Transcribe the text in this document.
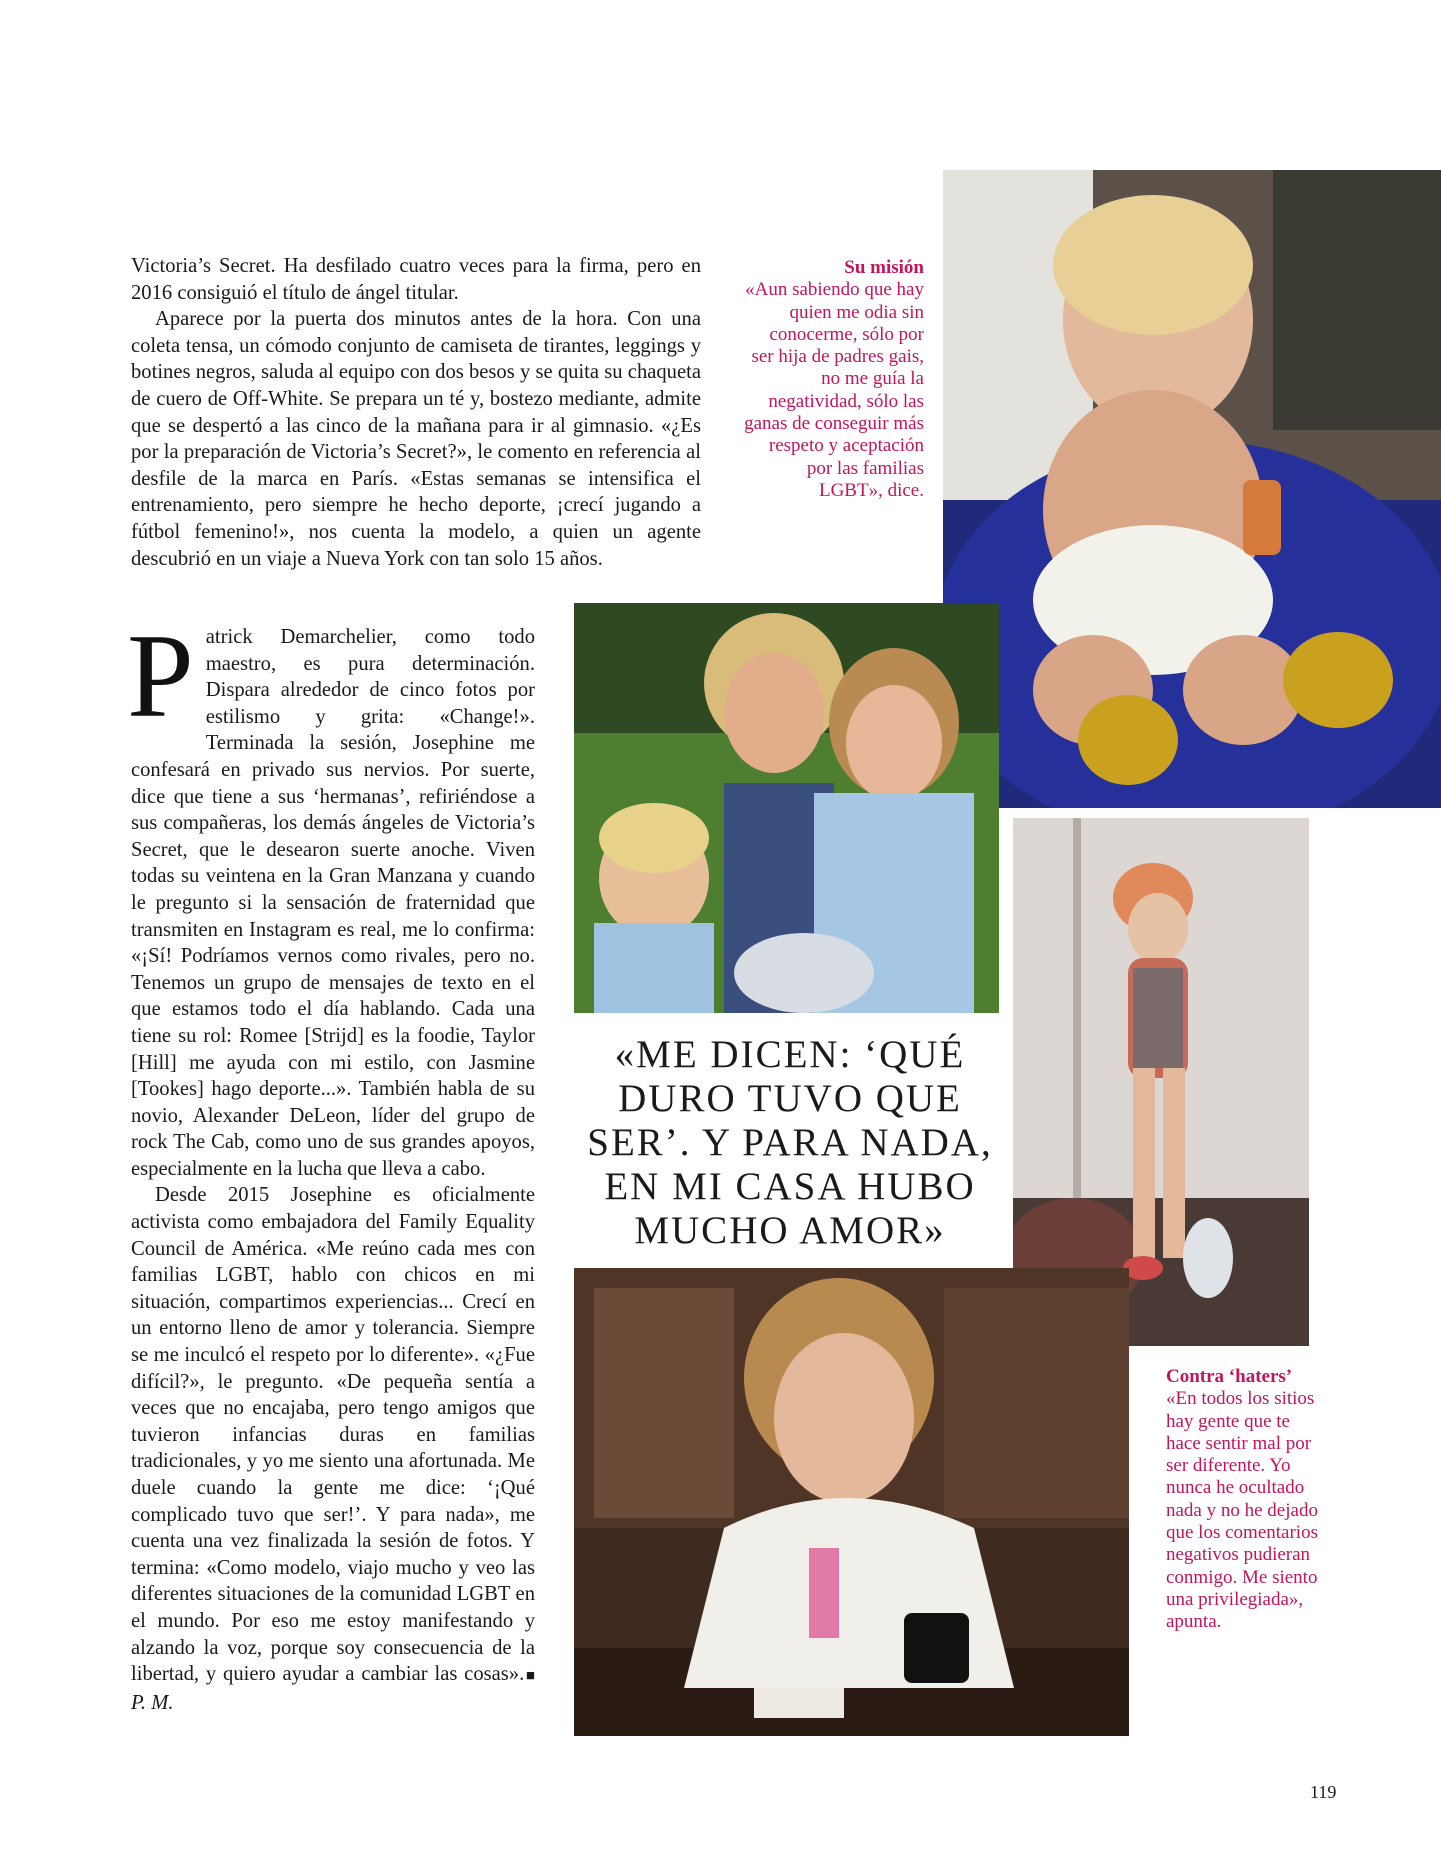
Victoria’s Secret. Ha desfilado cuatro veces para la firma, pero en 2016 consiguió el título de ángel titular.

Aparece por la puerta dos minutos antes de la hora. Con una coleta tensa, un cómodo conjunto de camiseta de tirantes, leggings y botines negros, saluda al equipo con dos besos y se quita su chaqueta de cuero de Off-White. Se prepara un té y, bostezo mediante, admite que se despertó a las cinco de la mañana para ir al gimnasio. «¿Es por la preparación de Victoria’s Secret?», le comento en referencia al desfile de la marca en París. «Estas semanas se intensifica el entrenamiento, pero siempre he hecho deporte, ¡crecí jugando a fútbol femenino!», nos cuenta la modelo, a quien un agente descubrió en un viaje a Nueva York con tan solo 15 años.

Patrick Demarchelier, como todo maestro, es pura determinación. Dispara alrededor de cinco fotos por estilismo y grita: «Change!». Terminada la sesión, Josephine me confesará en privado sus nervios. Por suerte, dice que tiene a sus ‘hermanas’, refiriéndose a sus compañeras, los demás ángeles de Victoria’s Secret, que le desearon suerte anoche. Viven todas su veintena en la Gran Manzana y cuando le pregunto si la sensación de fraternidad que transmiten en Instagram es real, me lo confirma: «¡Sí! Podríamos vernos como rivales, pero no. Tenemos un grupo de mensajes de texto en el que estamos todo el día hablando. Cada una tiene su rol: Romee [Strijd] es la foodie, Taylor [Hill] me ayuda con mi estilo, con Jasmine [Tookes] hago deporte...». También habla de su novio, Alexander DeLeon, líder del grupo de rock The Cab, como uno de sus grandes apoyos, especialmente en la lucha que lleva a cabo.

Desde 2015 Josephine es oficialmente activista como embajadora del Family Equality Council de América. «Me reúno cada mes con familias LGBT, hablo con chicos en mi situación, compartimos experiencias... Crecí en un entorno lleno de amor y tolerancia. Siempre se me inculcó el respeto por lo diferente». «¿Fue difícil?», le pregunto. «De pequeña sentía a veces que no encajaba, pero tengo amigos que tuvieron infancias duras en familias tradicionales, y yo me siento una afortunada. Me duele cuando la gente me dice: ‘¡Qué complicado tuvo que ser!’. Y para nada», me cuenta una vez finalizada la sesión de fotos. Y termina: «Como modelo, viajo mucho y veo las diferentes situaciones de la comunidad LGBT en el mundo. Por eso me estoy manifestando y alzando la voz, porque soy consecuencia de la libertad, y quiero ayudar a cambiar las cosas».■ P. M.

Su misión
«Aun sabiendo que hay quien me odia sin conocerme, sólo por ser hija de padres gais, no me guía la negatividad, sólo las ganas de conseguir más respeto y aceptación por las familias LGBT», dice.
Contra ‘haters’
«En todos los sitios hay gente que te hace sentir mal por ser diferente. Yo nunca he ocultado nada y no he dejado que los comentarios negativos pudieran conmigo. Me siento una privilegiada», apunta.
«ME DICEN: ‘QUÉ DURO TUVO QUE SER’. Y PARA NADA, EN MI CASA HUBO MUCHO AMOR»
119
